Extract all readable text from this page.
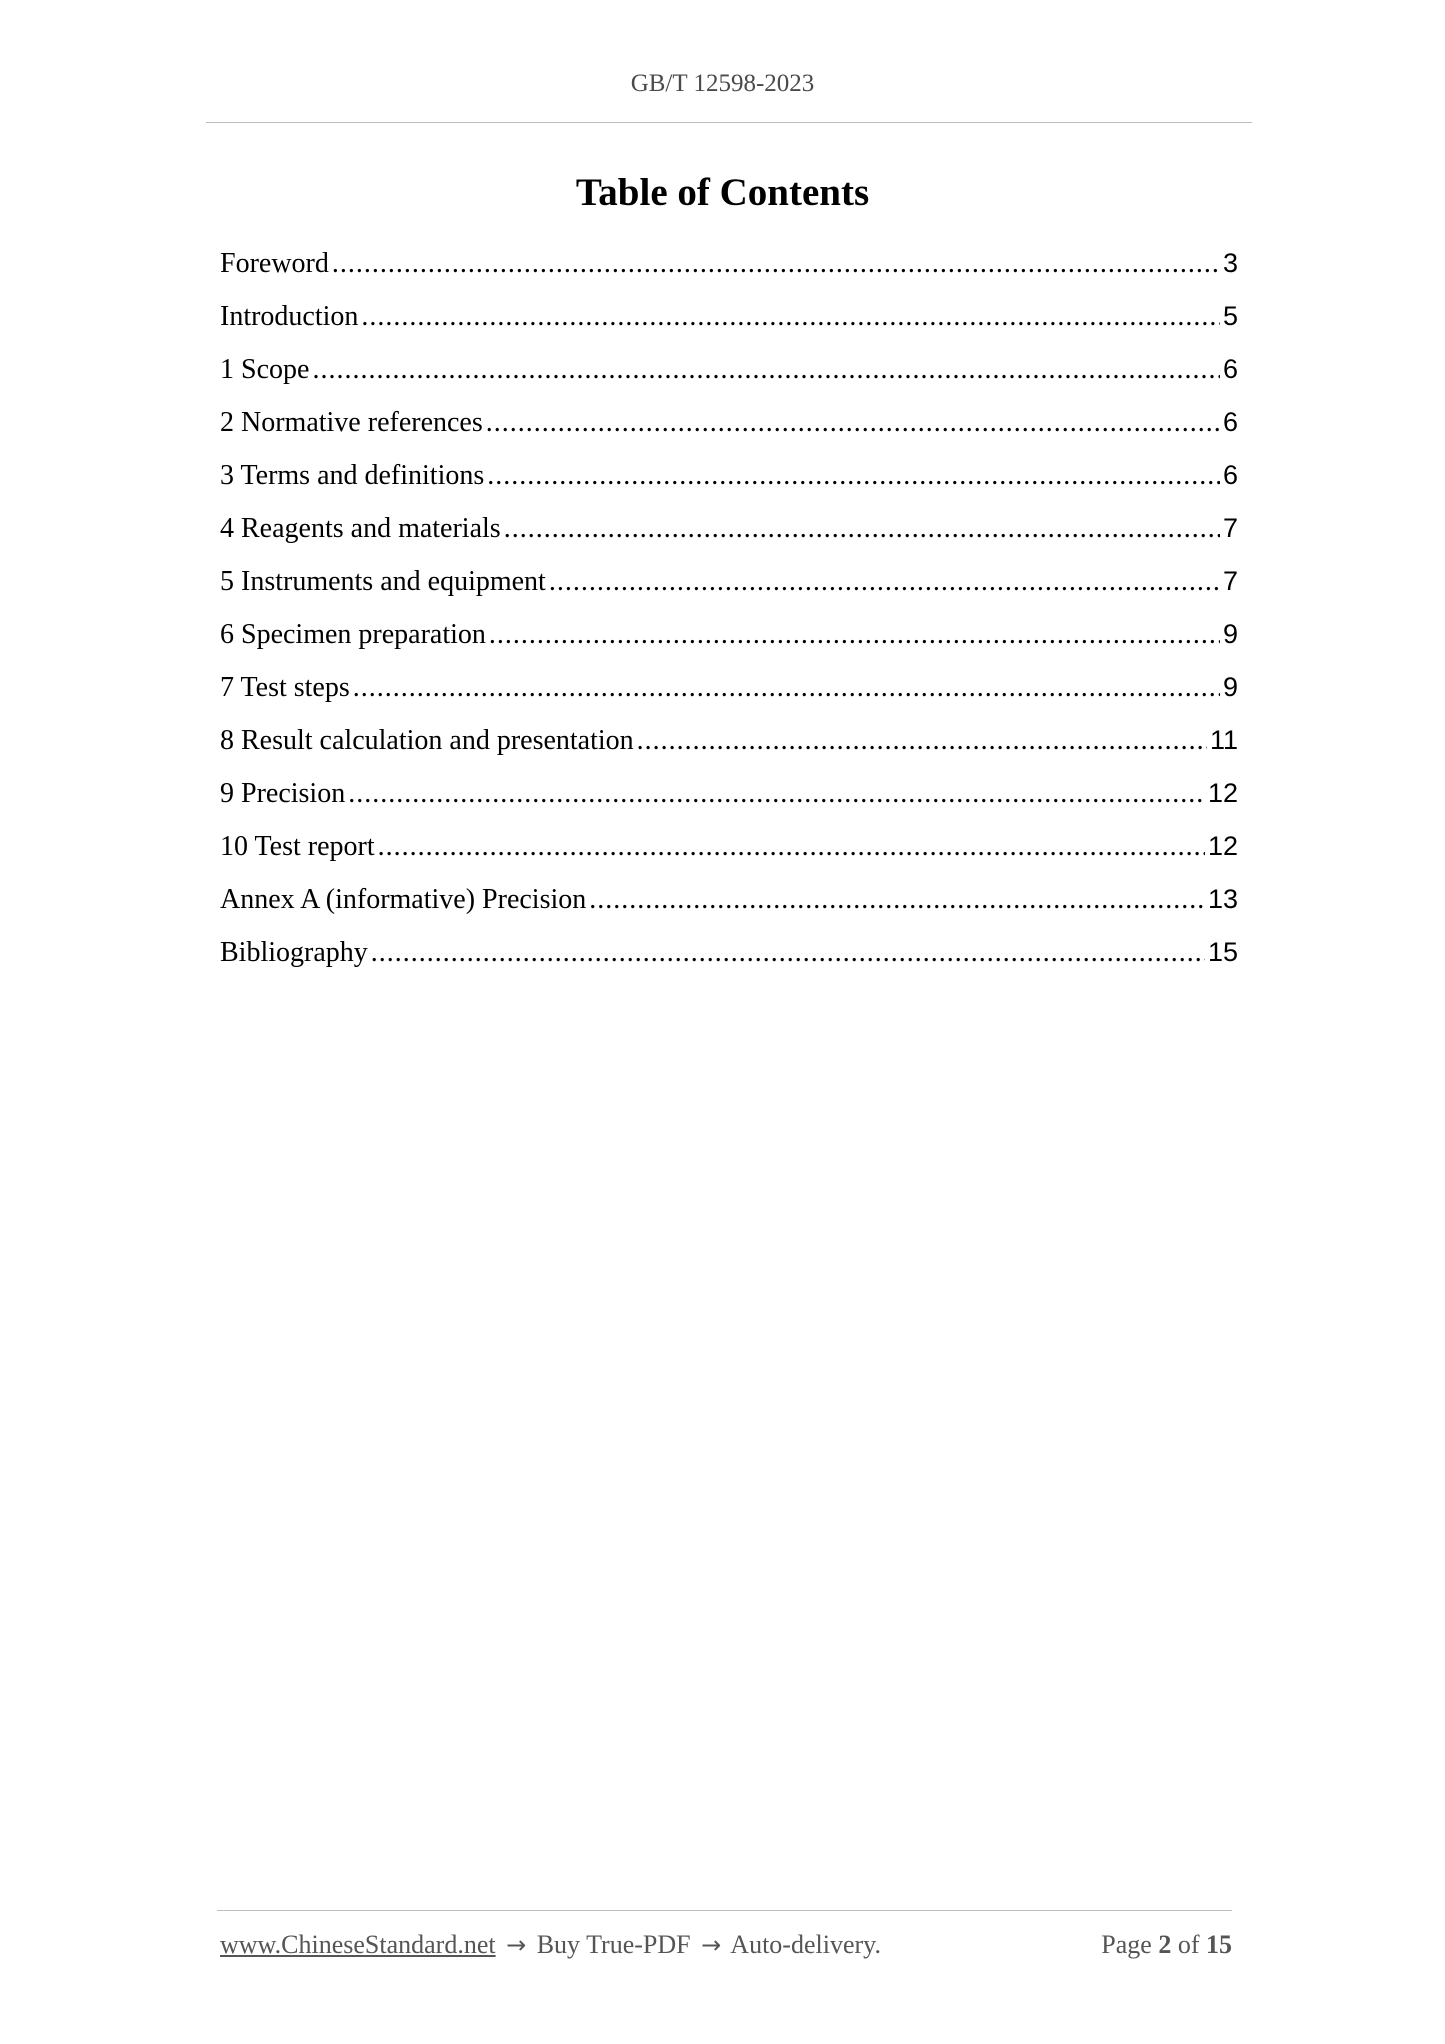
GB/T 12598-2023
Table of Contents
Foreword .....	3
Introduction .....	5
1 Scope .....	6
2 Normative references .....	6
3 Terms and definitions .....	6
4 Reagents and materials .....	7
5 Instruments and equipment .....	7
6 Specimen preparation .....	9
7 Test steps .....	9
8 Result calculation and presentation .....	11
9 Precision .....	12
10 Test report .....	12
Annex A (informative) Precision .....	13
Bibliography .....	15
www.ChineseStandard.net → Buy True-PDF → Auto-delivery.	Page 2 of 15
